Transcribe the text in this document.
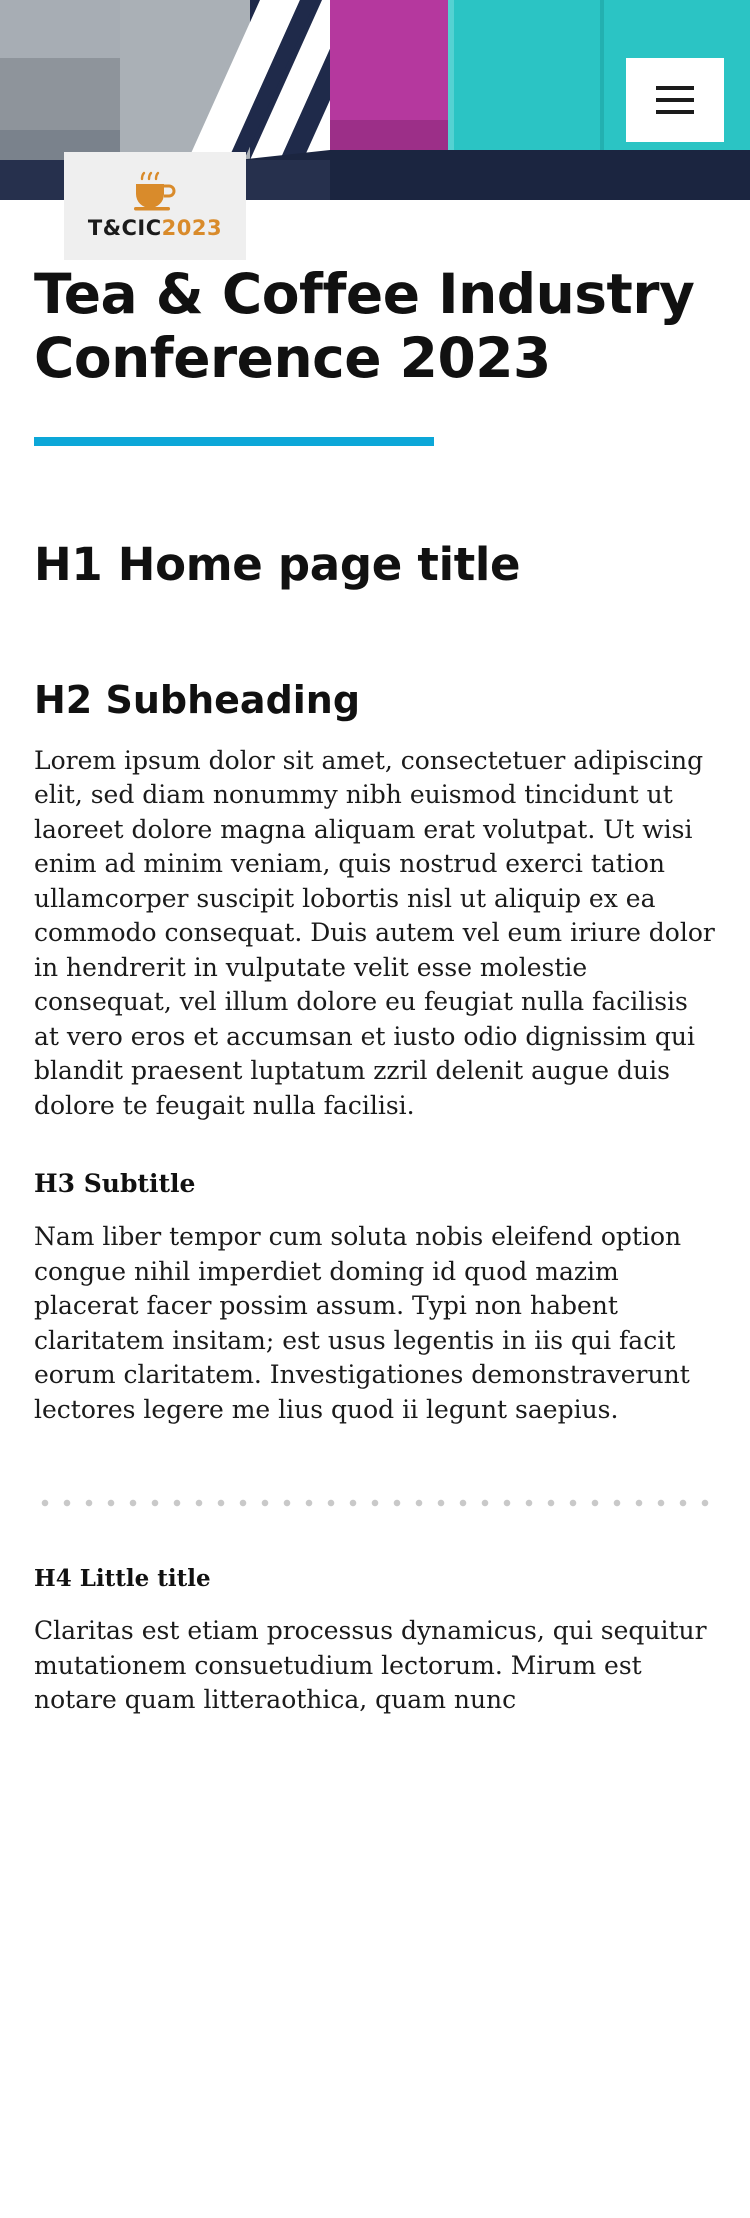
T&CIC2023
Tea & Coffee Industry Conference 2023
H1 Home page title
H2 Subheading

Lorem ipsum dolor sit amet, consectetuer adipiscing elit, sed diam nonummy nibh euismod tincidunt ut laoreet dolore magna aliquam erat volutpat. Ut wisi enim ad minim veniam, quis nostrud exerci tation ullamcorper suscipit lobortis nisl ut aliquip ex ea commodo consequat. Duis autem vel eum iriure dolor in hendrerit in vulputate velit esse molestie consequat, vel illum dolore eu feugiat nulla facilisis at vero eros et accumsan et iusto odio dignissim qui blandit praesent luptatum zzril delenit augue duis dolore te feugait nulla facilisi.

H3 Subtitle

Nam liber tempor cum soluta nobis eleifend option congue nihil imperdiet doming id quod mazim placerat facer possim assum. Typi non habent claritatem insitam; est usus legentis in iis qui facit eorum claritatem. Investigationes demonstraverunt lectores legere me lius quod ii legunt saepius.

H4 Little title

Claritas est etiam processus dynamicus, qui sequitur mutationem consuetudium lectorum. Mirum est notare quam litteraothica, quam nunc
